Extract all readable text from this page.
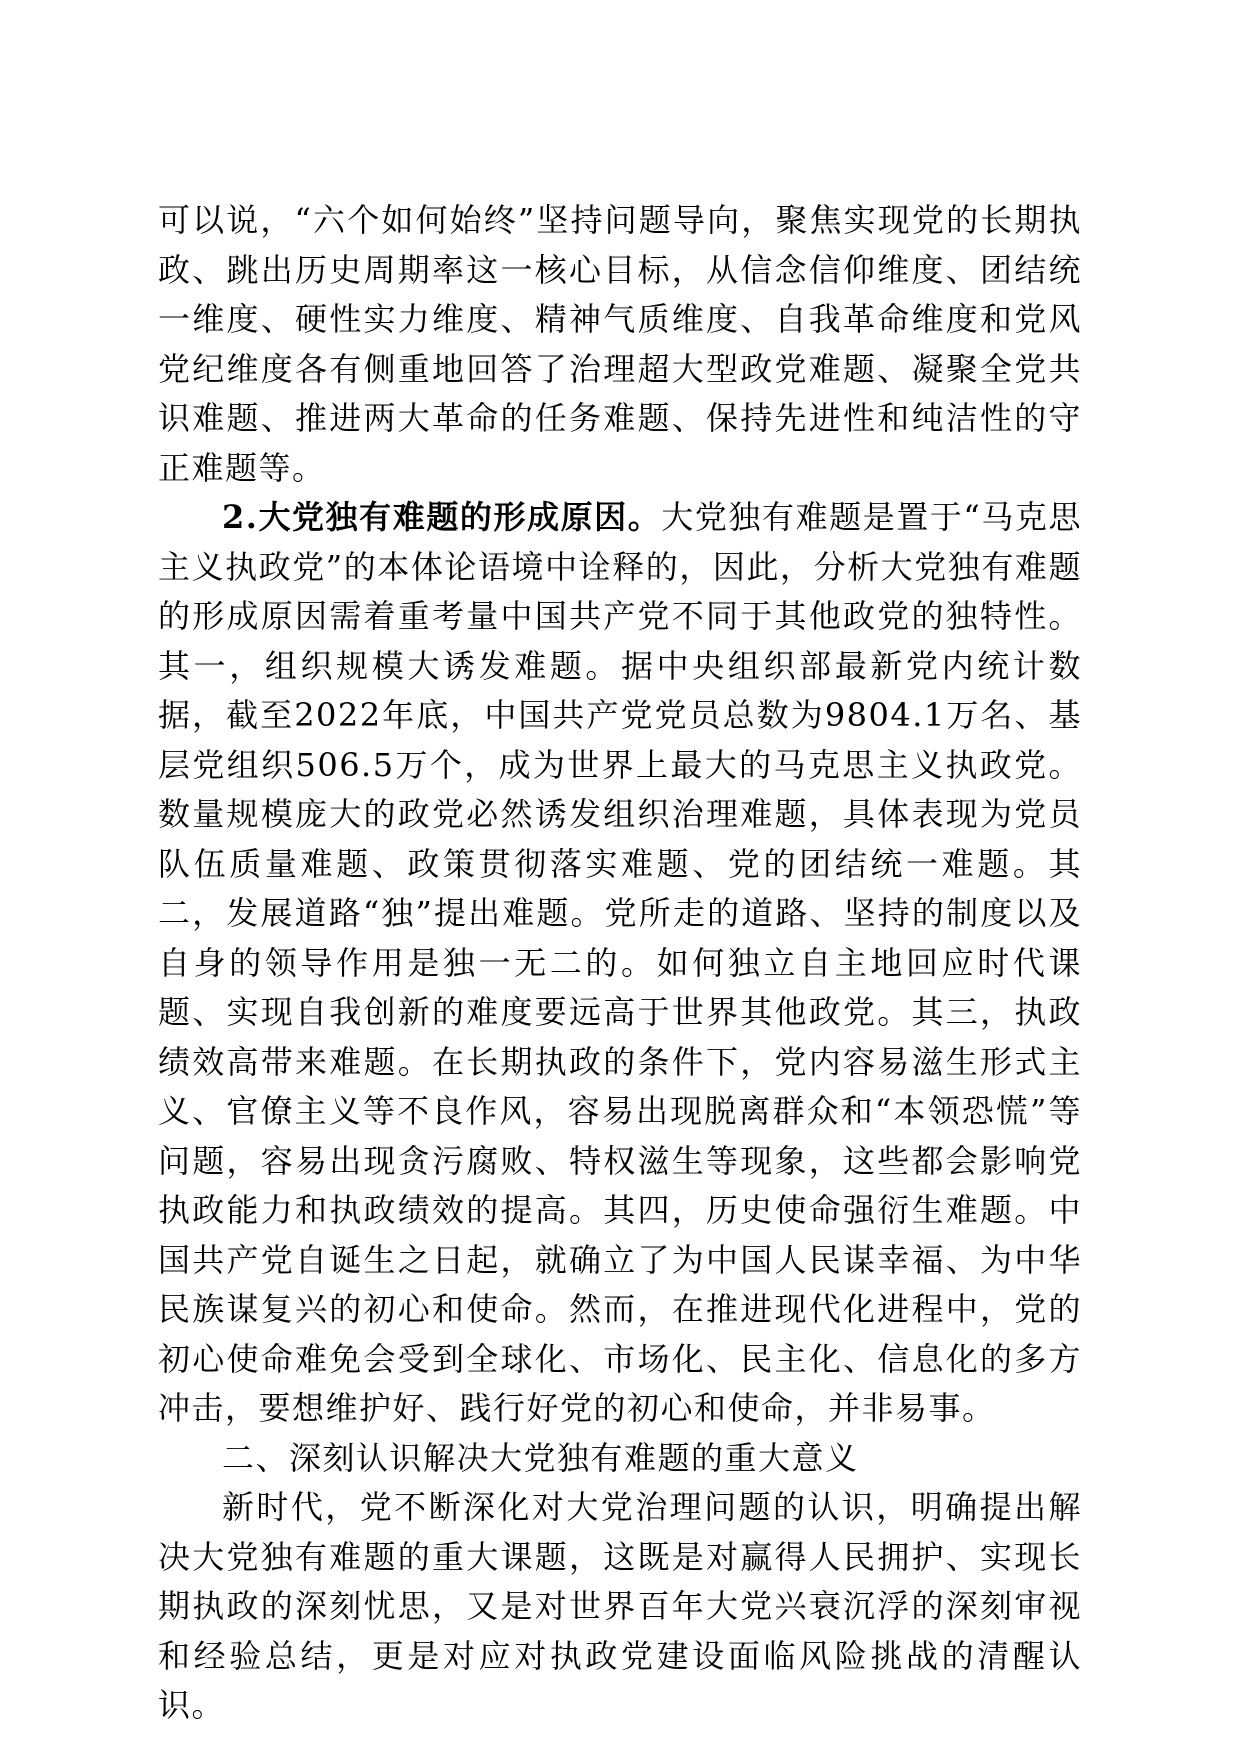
可以说，“六个如何始终”坚持问题导向，聚焦实现党的长期执政、跳出历史周期率这一核心目标，从信念信仰维度、团结统一维度、硬性实力维度、精神气质维度、自我革命维度和党风党纪维度各有侧重地回答了治理超大型政党难题、凝聚全党共识难题、推进两大革命的任务难题、保持先进性和纯洁性的守正难题等。

2.大党独有难题的形成原因。大党独有难题是置于“马克思主义执政党”的本体论语境中诠释的，因此，分析大党独有难题的形成原因需着重考量中国共产党不同于其他政党的独特性。其一，组织规模大诱发难题。据中央组织部最新党内统计数据，截至2022年底，中国共产党党员总数为9804.1万名、基层党组织506.5万个，成为世界上最大的马克思主义执政党。数量规模庞大的政党必然诱发组织治理难题，具体表现为党员队伍质量难题、政策贯彻落实难题、党的团结统一难题。其二，发展道路“独”提出难题。党所走的道路、坚持的制度以及自身的领导作用是独一无二的。如何独立自主地回应时代课题、实现自我创新的难度要远高于世界其他政党。其三，执政绩效高带来难题。在长期执政的条件下，党内容易滋生形式主义、官僚主义等不良作风，容易出现脱离群众和“本领恐慌”等问题，容易出现贪污腐败、特权滋生等现象，这些都会影响党执政能力和执政绩效的提高。其四，历史使命强衍生难题。中国共产党自诞生之日起，就确立了为中国人民谋幸福、为中华民族谋复兴的初心和使命。然而，在推进现代化进程中，党的初心使命难免会受到全球化、市场化、民主化、信息化的多方冲击，要想维护好、践行好党的初心和使命，并非易事。

二、深刻认识解决大党独有难题的重大意义

新时代，党不断深化对大党治理问题的认识，明确提出解决大党独有难题的重大课题，这既是对赢得人民拥护、实现长期执政的深刻忧思，又是对世界百年大党兴衰沉浮的深刻审视和经验总结，更是对应对执政党建设面临风险挑战的清醒认识。
